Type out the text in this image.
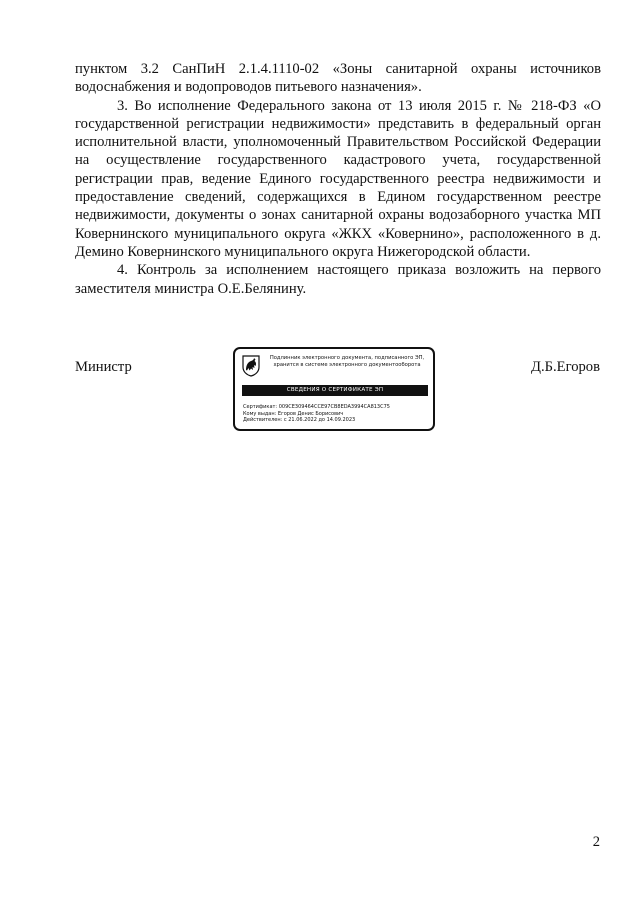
пунктом 3.2 СанПиН 2.1.4.1110-02 «Зоны санитарной охраны источников водоснабжения и водопроводов питьевого назначения».

3. Во исполнение Федерального закона от 13 июля 2015 г. № 218-ФЗ «О государственной регистрации недвижимости» представить в федеральный орган исполнительной власти, уполномоченный Правительством Российской Федерации на осуществление государственного кадастрового учета, государственной регистрации прав, ведение Единого государственного реестра недвижимости и предоставление сведений, содержащихся в Едином государственном реестре недвижимости, документы о зонах санитарной охраны водозаборного участка МП Ковернинского муниципального округа «ЖКХ «Ковернино», расположенного в д. Демино Ковернинского муниципального округа Нижегородской области.

4. Контроль за исполнением настоящего приказа возложить на первого заместителя министра О.Е.Белянину.

Министр
Подлинник электронного документа, подписанного ЭП,
хранится в системе электронного документооборота
СВЕДЕНИЯ О СЕРТИФИКАТЕ ЭП
Сертификат: 009CE309464CCE97CB8EDA3994CA813C75
Кому выдан: Егоров Денис Борисович
Действителен: с 21.06.2022 до 14.09.2023
Д.Б.Егоров
2
